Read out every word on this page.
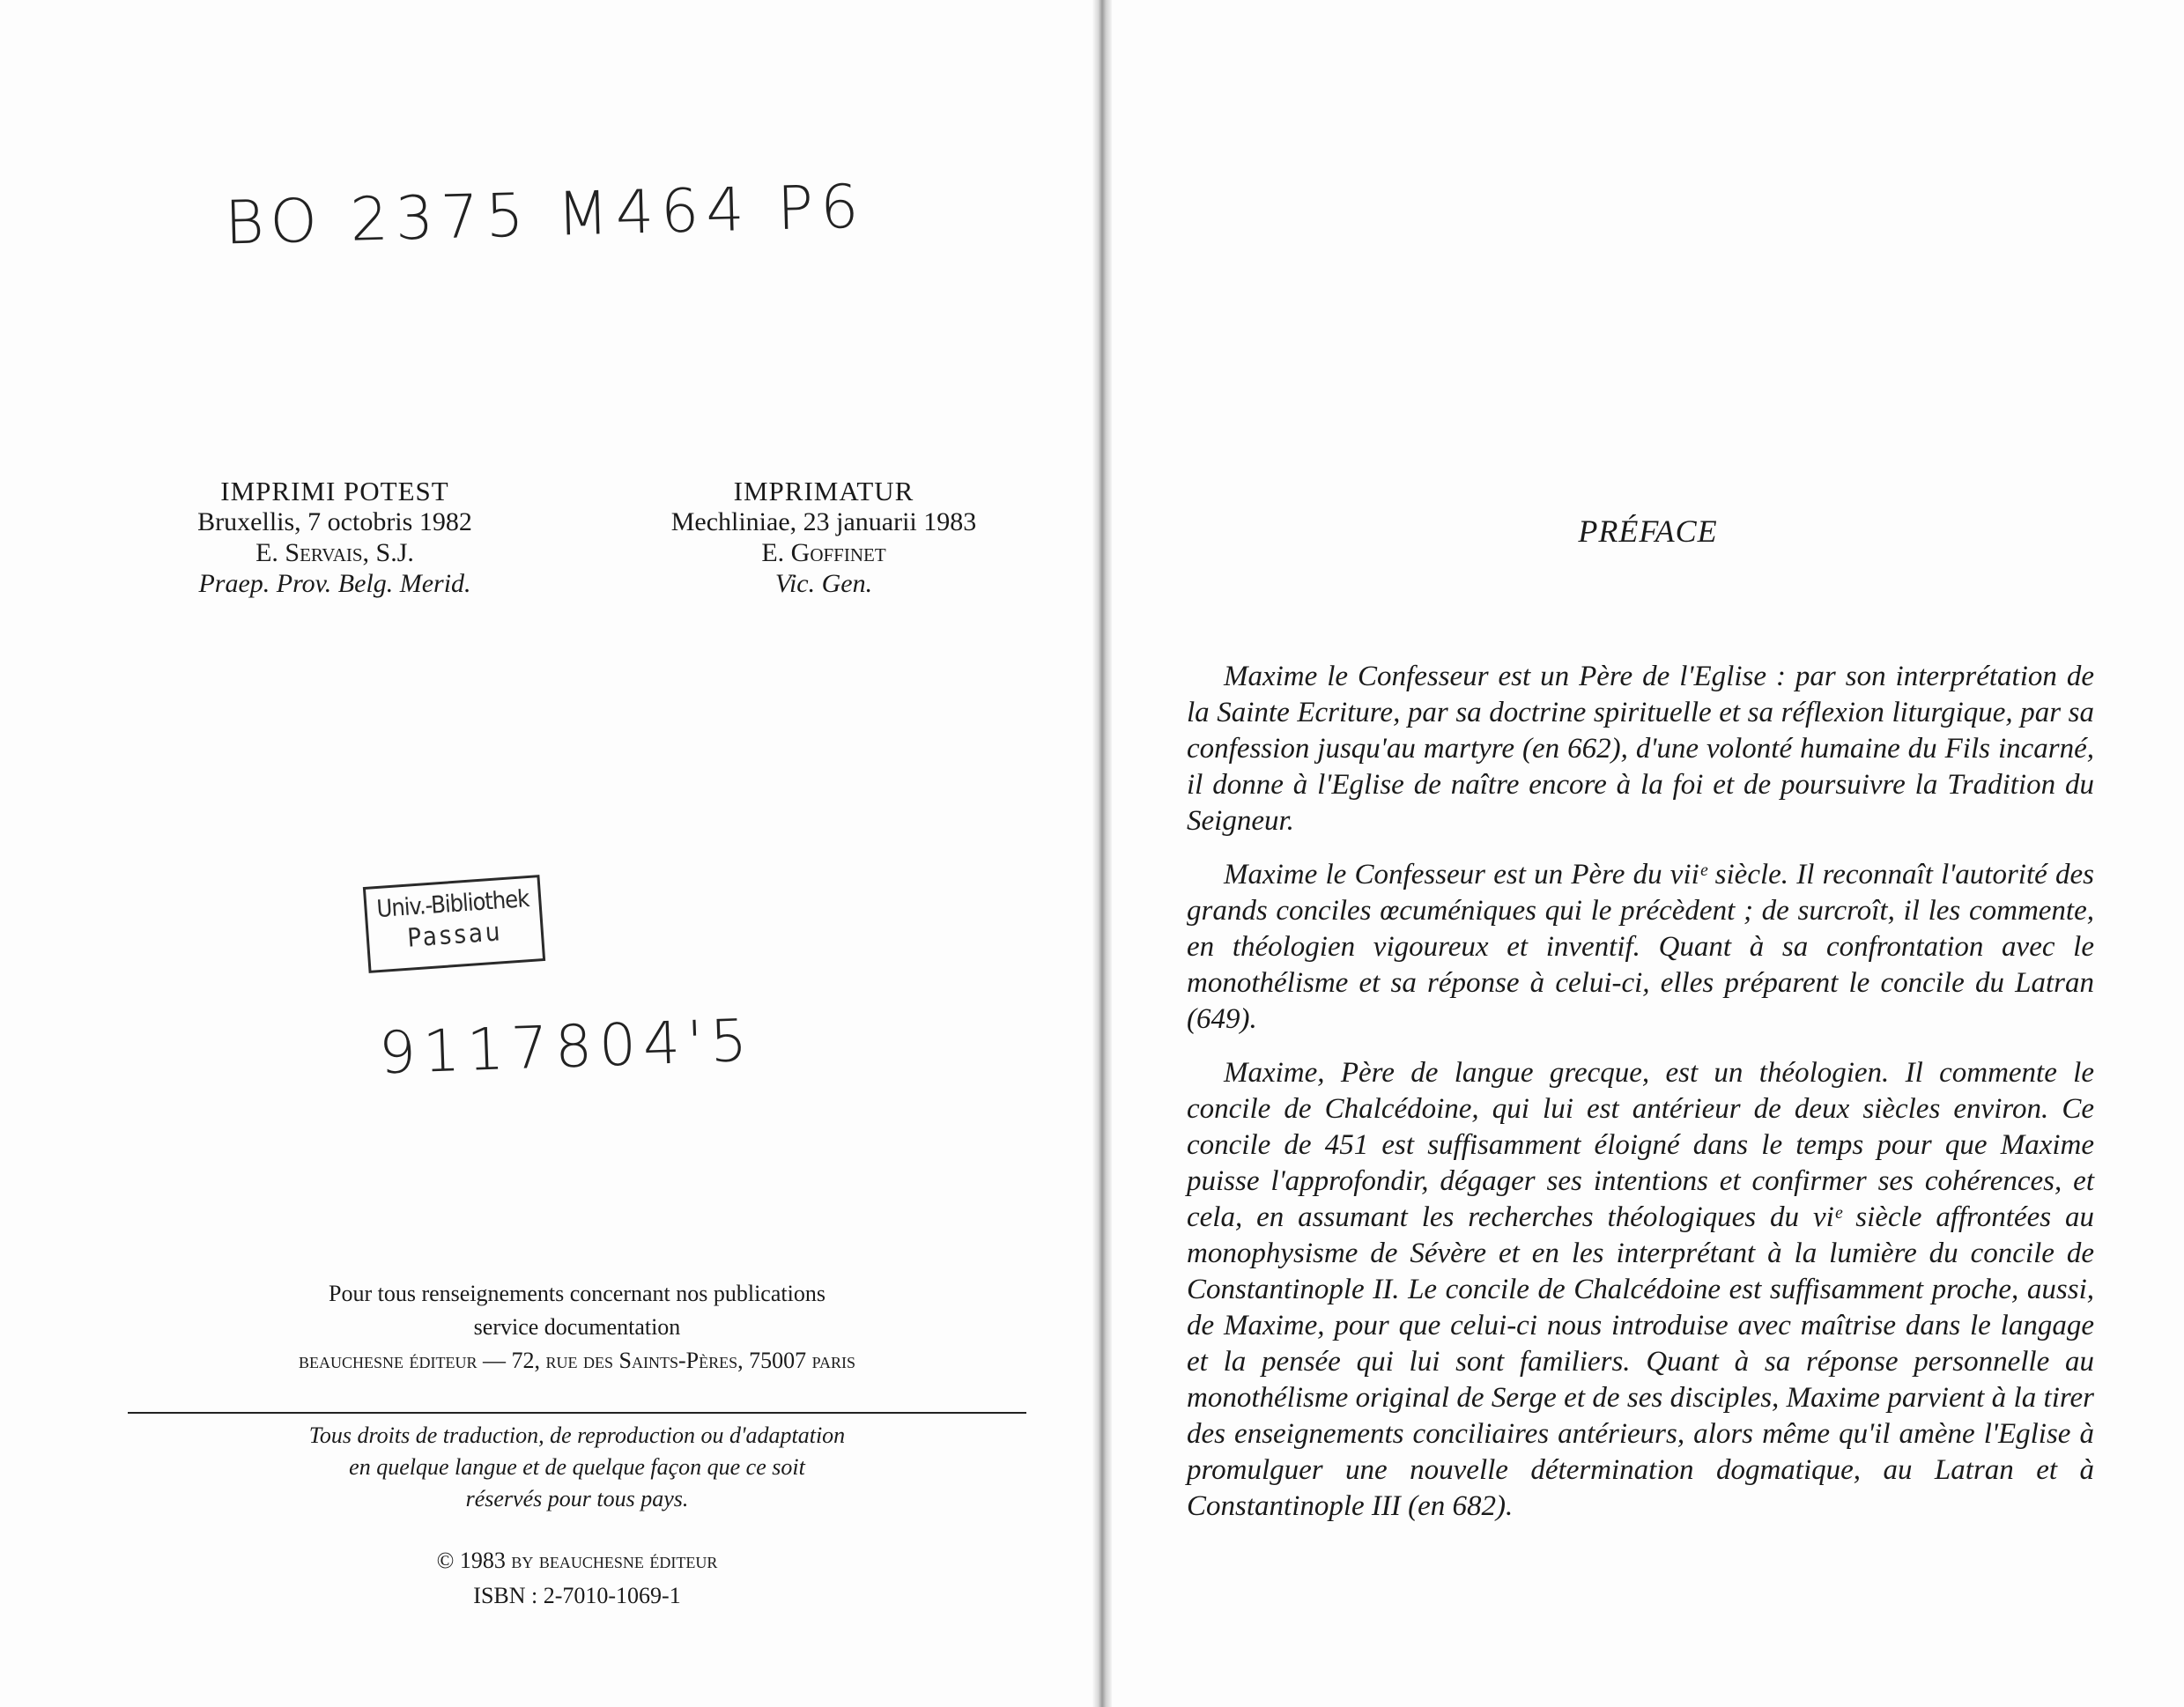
BO 2375 M464 P6
IMPRIMI POTEST
Bruxellis, 7 octobris 1982
E. Servais, S.J.
Praep. Prov. Belg. Merid.
IMPRIMATUR
Mechliniae, 23 januarii 1983
E. Goffinet
Vic. Gen.
Univ.-Bibliothek
Passau
9117804'5
Pour tous renseignements concernant nos publications
service documentation
beauchesne éditeur — 72, rue des Saints-Pères, 75007 paris
Tous droits de traduction, de reproduction ou d'adaptation
en quelque langue et de quelque façon que ce soit
réservés pour tous pays.
© 1983 by beauchesne éditeur
ISBN : 2-7010-1069-1
PRÉFACE

Maxime le Confesseur est un Père de l'Eglise : par son interprétation de la Sainte Ecriture, par sa doctrine spirituelle et sa réflexion liturgique, par sa confession jusqu'au martyre (en 662), d'une volonté humaine du Fils incarné, il donne à l'Eglise de naître encore à la foi et de poursuivre la Tradition du Seigneur.

Maxime le Confesseur est un Père du viiᵉ siècle. Il reconnaît l'autorité des grands conciles œcuméniques qui le précèdent ; de surcroît, il les commente, en théologien vigoureux et inventif. Quant à sa confrontation avec le monothélisme et sa réponse à celui-ci, elles préparent le concile du Latran (649).

Maxime, Père de langue grecque, est un théologien. Il commente le concile de Chalcédoine, qui lui est antérieur de deux siècles environ. Ce concile de 451 est suffisamment éloigné dans le temps pour que Maxime puisse l'approfondir, dégager ses intentions et confirmer ses cohérences, et cela, en assumant les recherches théologiques du viᵉ siècle affrontées au monophysisme de Sévère et en les interprétant à la lumière du concile de Constantinople II. Le concile de Chalcédoine est suffisamment proche, aussi, de Maxime, pour que celui-ci nous introduise avec maîtrise dans le langage et la pensée qui lui sont familiers. Quant à sa réponse personnelle au monothélisme original de Serge et de ses disciples, Maxime parvient à la tirer des enseignements conciliaires antérieurs, alors même qu'il amène l'Eglise à promulguer une nouvelle détermination dogmatique, au Latran et à Constantinople III (en 682).
